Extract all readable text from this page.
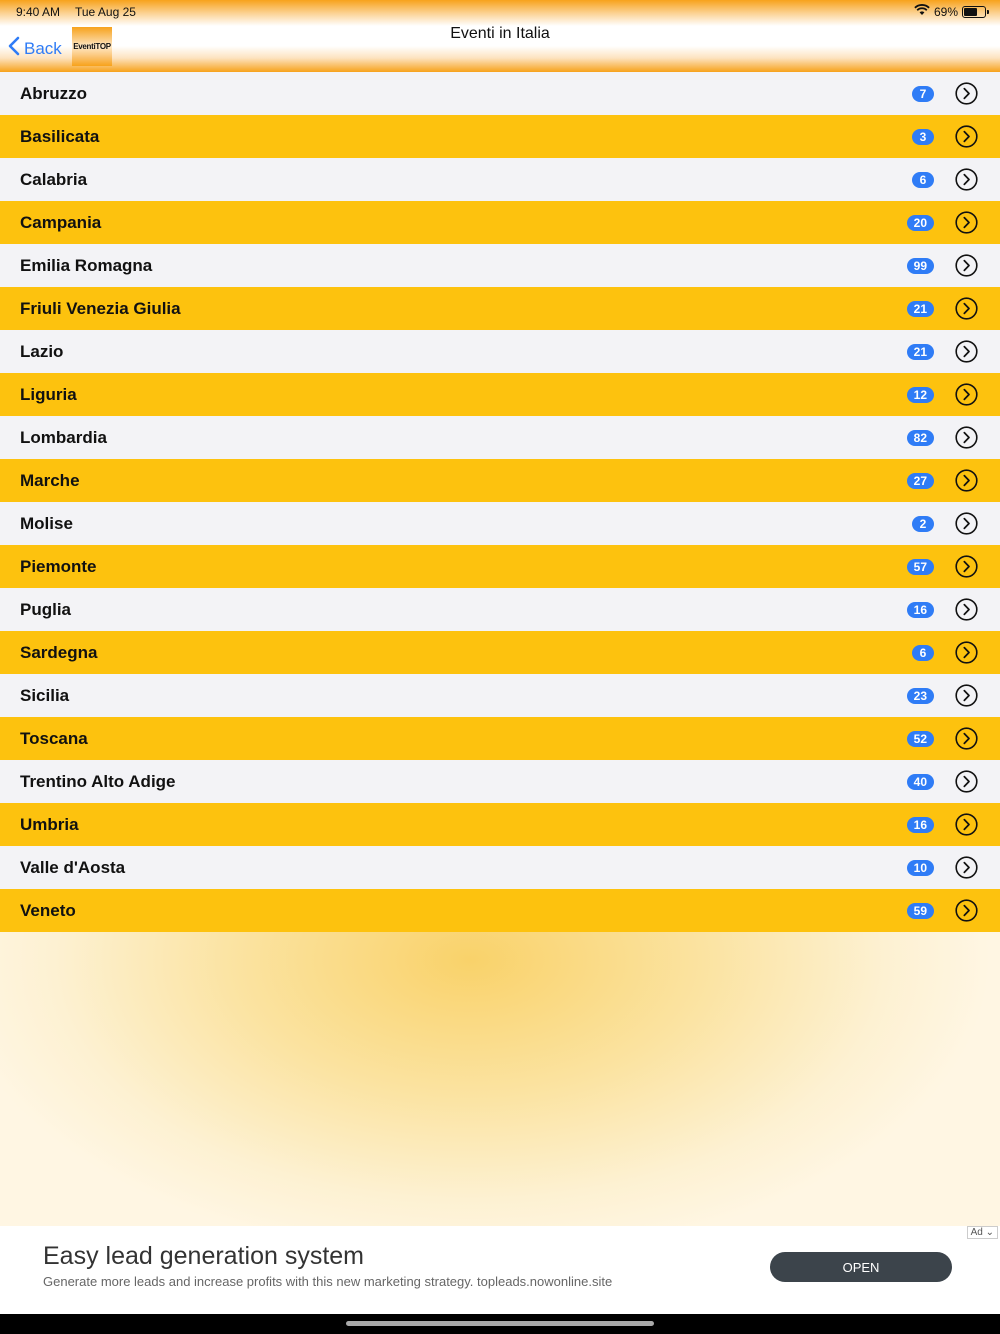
9:40 AM Tue Aug 25	69%
Back EventiTOP
Eventi in Italia
Abruzzo	7
Basilicata	3
Calabria	6
Campania	20
Emilia Romagna	99
Friuli Venezia Giulia	21
Lazio	21
Liguria	12
Lombardia	82
Marche	27
Molise	2
Piemonte	57
Puglia	16
Sardegna	6
Sicilia	23
Toscana	52
Trentino Alto Adige	40
Umbria	16
Valle d'Aosta	10
Veneto	59
Ad ⌄
Easy lead generation system
Generate more leads and increase profits with this new marketing strategy. topleads.nowonline.site
OPEN
